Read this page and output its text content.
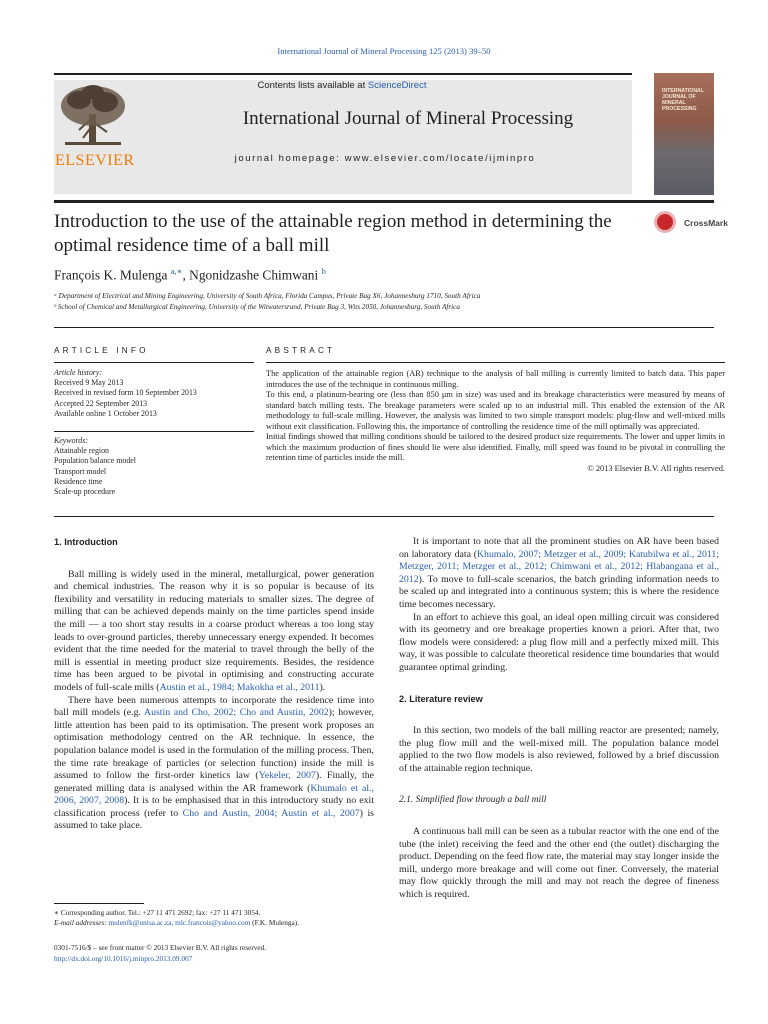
International Journal of Mineral Processing 125 (2013) 39–50
ELSEVIER
Contents lists available at ScienceDirect
International Journal of Mineral Processing
journal homepage: www.elsevier.com/locate/ijminpro
INTERNATIONAL JOURNAL OF MINERAL PROCESSING
Introduction to the use of the attainable region method in determining the optimal residence time of a ball mill
CrossMark
François K. Mulenga $^{a,∗}$, Ngonidzashe Chimwani $^b$
ᵃ Department of Electrical and Mining Engineering, University of South Africa, Florida Campus, Private Bag X6, Johannesburg 1710, South Africa
ᵇ School of Chemical and Metallurgical Engineering, University of the Witwatersrand, Private Bag 3, Wits 2050, Johannesburg, South Africa
ARTICLE INFO	ABSTRACT
Article history:
Received 9 May 2013
Received in revised form 10 September 2013
Accepted 22 September 2013
Available online 1 October 2013
Keywords:
Attainable region
Population balance model
Transport model
Residence time
Scale-up procedure
The application of the attainable region (AR) technique to the analysis of ball milling is currently limited to batch data. This paper introduces the use of the technique in continuous milling.
To this end, a platinum-bearing ore (less than 850 μm in size) was used and its breakage characteristics were measured by means of standard batch milling tests. The breakage parameters were scaled up to an industrial mill. This enabled the extension of the AR methodology to full-scale milling. However, the analysis was limited to two simple transport models: plug-flow and well-mixed mills without exit classification. Following this, the importance of controlling the residence time of the mill optimally was appreciated.
Initial findings showed that milling conditions should be tailored to the desired product size requirements. The lower and upper limits in which the maximum production of fines should lie were also identified. Finally, mill speed was found to be pivotal in controlling the retention time of particles inside the mill.
© 2013 Elsevier B.V. All rights reserved.
1. Introduction

Ball milling is widely used in the mineral, metallurgical, power generation and chemical industries. The reason why it is so popular is because of its flexibility and versatility in reducing materials to smaller sizes. The degree of milling that can be achieved depends mainly on the time particles spend inside the mill — a too short stay results in a coarse product whereas a too long stay leads to over-ground particles, thereby unnecessary energy expended. It becomes evident that the time needed for the material to travel through the belly of the mill is essential in meeting product size requirements. Besides, the residence time has been argued to be pivotal in optimising and constructing accurate models of full-scale mills (Austin et al., 1984; Makokha et al., 2011).

There have been numerous attempts to incorporate the residence time into ball mill models (e.g. Austin and Cho, 2002; Cho and Austin, 2002); however, little attention has been paid to its optimisation. The present work proposes an optimisation methodology centred on the AR technique. In essence, the population balance model is used in the formulation of the milling process. Then, the time rate breakage of particles (or selection function) inside the mill is assumed to follow the first-order kinetics law (Yekeler, 2007). Finally, the generated milling data is analysed within the AR framework (Khumalo et al., 2006, 2007, 2008). It is to be emphasised that in this introductory study no exit classification process (refer to Cho and Austin, 2004; Austin et al., 2007) is assumed to take place.

∗ Corresponding author. Tel.: +27 11 471 2692; fax: +27 11 471 3054.
E-mail addresses: mulenfk@unisa.ac.za, mlc.francois@yahoo.com (F.K. Mulenga).
0301-7516/$ – see front matter © 2013 Elsevier B.V. All rights reserved.
http://dx.doi.org/10.1016/j.minpro.2013.09.007

It is important to note that all the prominent studies on AR have been based on laboratory data (Khumalo, 2007; Metzger et al., 2009; Katubilwa et al., 2011; Metzger, 2011; Metzger et al., 2012; Chimwani et al., 2012; Hlabangana et al., 2012). To move to full-scale scenarios, the batch grinding information needs to be scaled up and integrated into a continuous system; this is where the residence time becomes necessary.

In an effort to achieve this goal, an ideal open milling circuit was considered with its geometry and ore breakage properties known a priori. After that, two flow models were considered: a plug flow mill and a perfectly mixed mill. This way, it was possible to calculate theoretical residence time boundaries that would guarantee optimal grinding.

2. Literature review

In this section, two models of the ball milling reactor are presented; namely, the plug flow mill and the well-mixed mill. The population balance model applied to the two flow models is also reviewed, followed by a brief discussion of the attainable region technique.

2.1. Simplified flow through a ball mill

A continuous ball mill can be seen as a tubular reactor with the one end of the tube (the inlet) receiving the feed and the other end (the outlet) discharging the product. Depending on the feed flow rate, the material may stay longer inside the mill, undergo more breakage and will come out finer. Conversely, the material may flow quickly through the mill and may not reach the degree of fineness which is required.
